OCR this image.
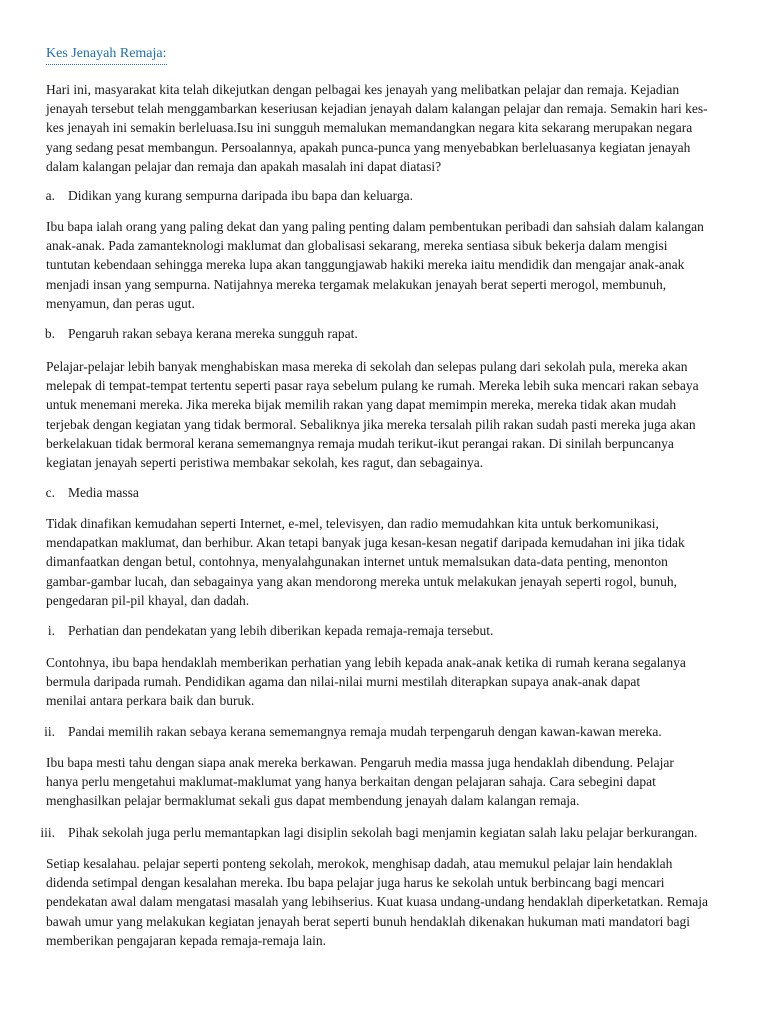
Kes Jenayah Remaja:
Hari ini, masyarakat kita telah dikejutkan dengan pelbagai kes jenayah yang melibatkan pelajar dan remaja. Kejadian
jenayah tersebut telah menggambarkan keseriusan kejadian jenayah dalam kalangan pelajar dan remaja. Semakin hari kes-
kes jenayah ini semakin berleluasa.Isu ini sungguh memalukan memandangkan negara kita sekarang merupakan negara
yang sedang pesat membangun. Persoalannya, apakah punca-punca yang menyebabkan berleluasanya kegiatan jenayah
dalam kalangan pelajar dan remaja dan apakah masalah ini dapat diatasi?
a. Didikan yang kurang sempurna daripada ibu bapa dan keluarga.
Ibu bapa ialah orang yang paling dekat dan yang paling penting dalam pembentukan peribadi dan sahsiah dalam kalangan
anak-anak. Pada zamanteknologi maklumat dan globalisasi sekarang, mereka sentiasa sibuk bekerja dalam mengisi
tuntutan kebendaan sehingga mereka lupa akan tanggungjawab hakiki mereka iaitu mendidik dan mengajar anak-anak
menjadi insan yang sempurna. Natijahnya mereka tergamak melakukan jenayah berat seperti merogol, membunuh,
menyamun, dan peras ugut.
b. Pengaruh rakan sebaya kerana mereka sungguh rapat.
Pelajar-pelajar lebih banyak menghabiskan masa mereka di sekolah dan selepas pulang dari sekolah pula, mereka akan
melepak di tempat-tempat tertentu seperti pasar raya sebelum pulang ke rumah. Mereka lebih suka mencari rakan sebaya
untuk menemani mereka. Jika mereka bijak memilih rakan yang dapat memimpin mereka, mereka tidak akan mudah
terjebak dengan kegiatan yang tidak bermoral. Sebaliknya jika mereka tersalah pilih rakan sudah pasti mereka juga akan
berkelakuan tidak bermoral kerana sememangnya remaja mudah terikut-ikut perangai rakan. Di sinilah berpuncanya
kegiatan jenayah seperti peristiwa membakar sekolah, kes ragut, dan sebagainya.
c. Media massa
Tidak dinafikan kemudahan seperti Internet, e-mel, televisyen, dan radio memudahkan kita untuk berkomunikasi,
mendapatkan maklumat, dan berhibur. Akan tetapi banyak juga kesan-kesan negatif daripada kemudahan ini jika tidak
dimanfaatkan dengan betul, contohnya, menyalahgunakan internet untuk memalsukan data-data penting, menonton
gambar-gambar lucah, dan sebagainya yang akan mendorong mereka untuk melakukan jenayah seperti rogol, bunuh,
pengedaran pil-pil khayal, dan dadah.
i. Perhatian dan pendekatan yang lebih diberikan kepada remaja-remaja tersebut.
Contohnya, ibu bapa hendaklah memberikan perhatian yang lebih kepada anak-anak ketika di rumah kerana segalanya
bermula daripada rumah. Pendidikan agama dan nilai-nilai murni mestilah diterapkan supaya anak-anak dapat
menilai antara perkara baik dan buruk.
ii. Pandai memilih rakan sebaya kerana sememangnya remaja mudah terpengaruh dengan kawan-kawan mereka.
Ibu bapa mesti tahu dengan siapa anak mereka berkawan. Pengaruh media massa juga hendaklah dibendung. Pelajar
hanya perlu mengetahui maklumat-maklumat yang hanya berkaitan dengan pelajaran sahaja. Cara sebegini dapat
menghasilkan pelajar bermaklumat sekali gus dapat membendung jenayah dalam kalangan remaja.
iii. Pihak sekolah juga perlu memantapkan lagi disiplin sekolah bagi menjamin kegiatan salah laku pelajar berkurangan.
Setiap kesalahau. pelajar seperti ponteng sekolah, merokok, menghisap dadah, atau memukul pelajar lain hendaklah
didenda setimpal dengan kesalahan mereka. Ibu bapa pelajar juga harus ke sekolah untuk berbincang bagi mencari
pendekatan awal dalam mengatasi masalah yang lebihserius. Kuat kuasa undang-undang hendaklah diperketatkan. Remaja
bawah umur yang melakukan kegiatan jenayah berat seperti bunuh hendaklah dikenakan hukuman mati mandatori bagi
memberikan pengajaran kepada remaja-remaja lain.
